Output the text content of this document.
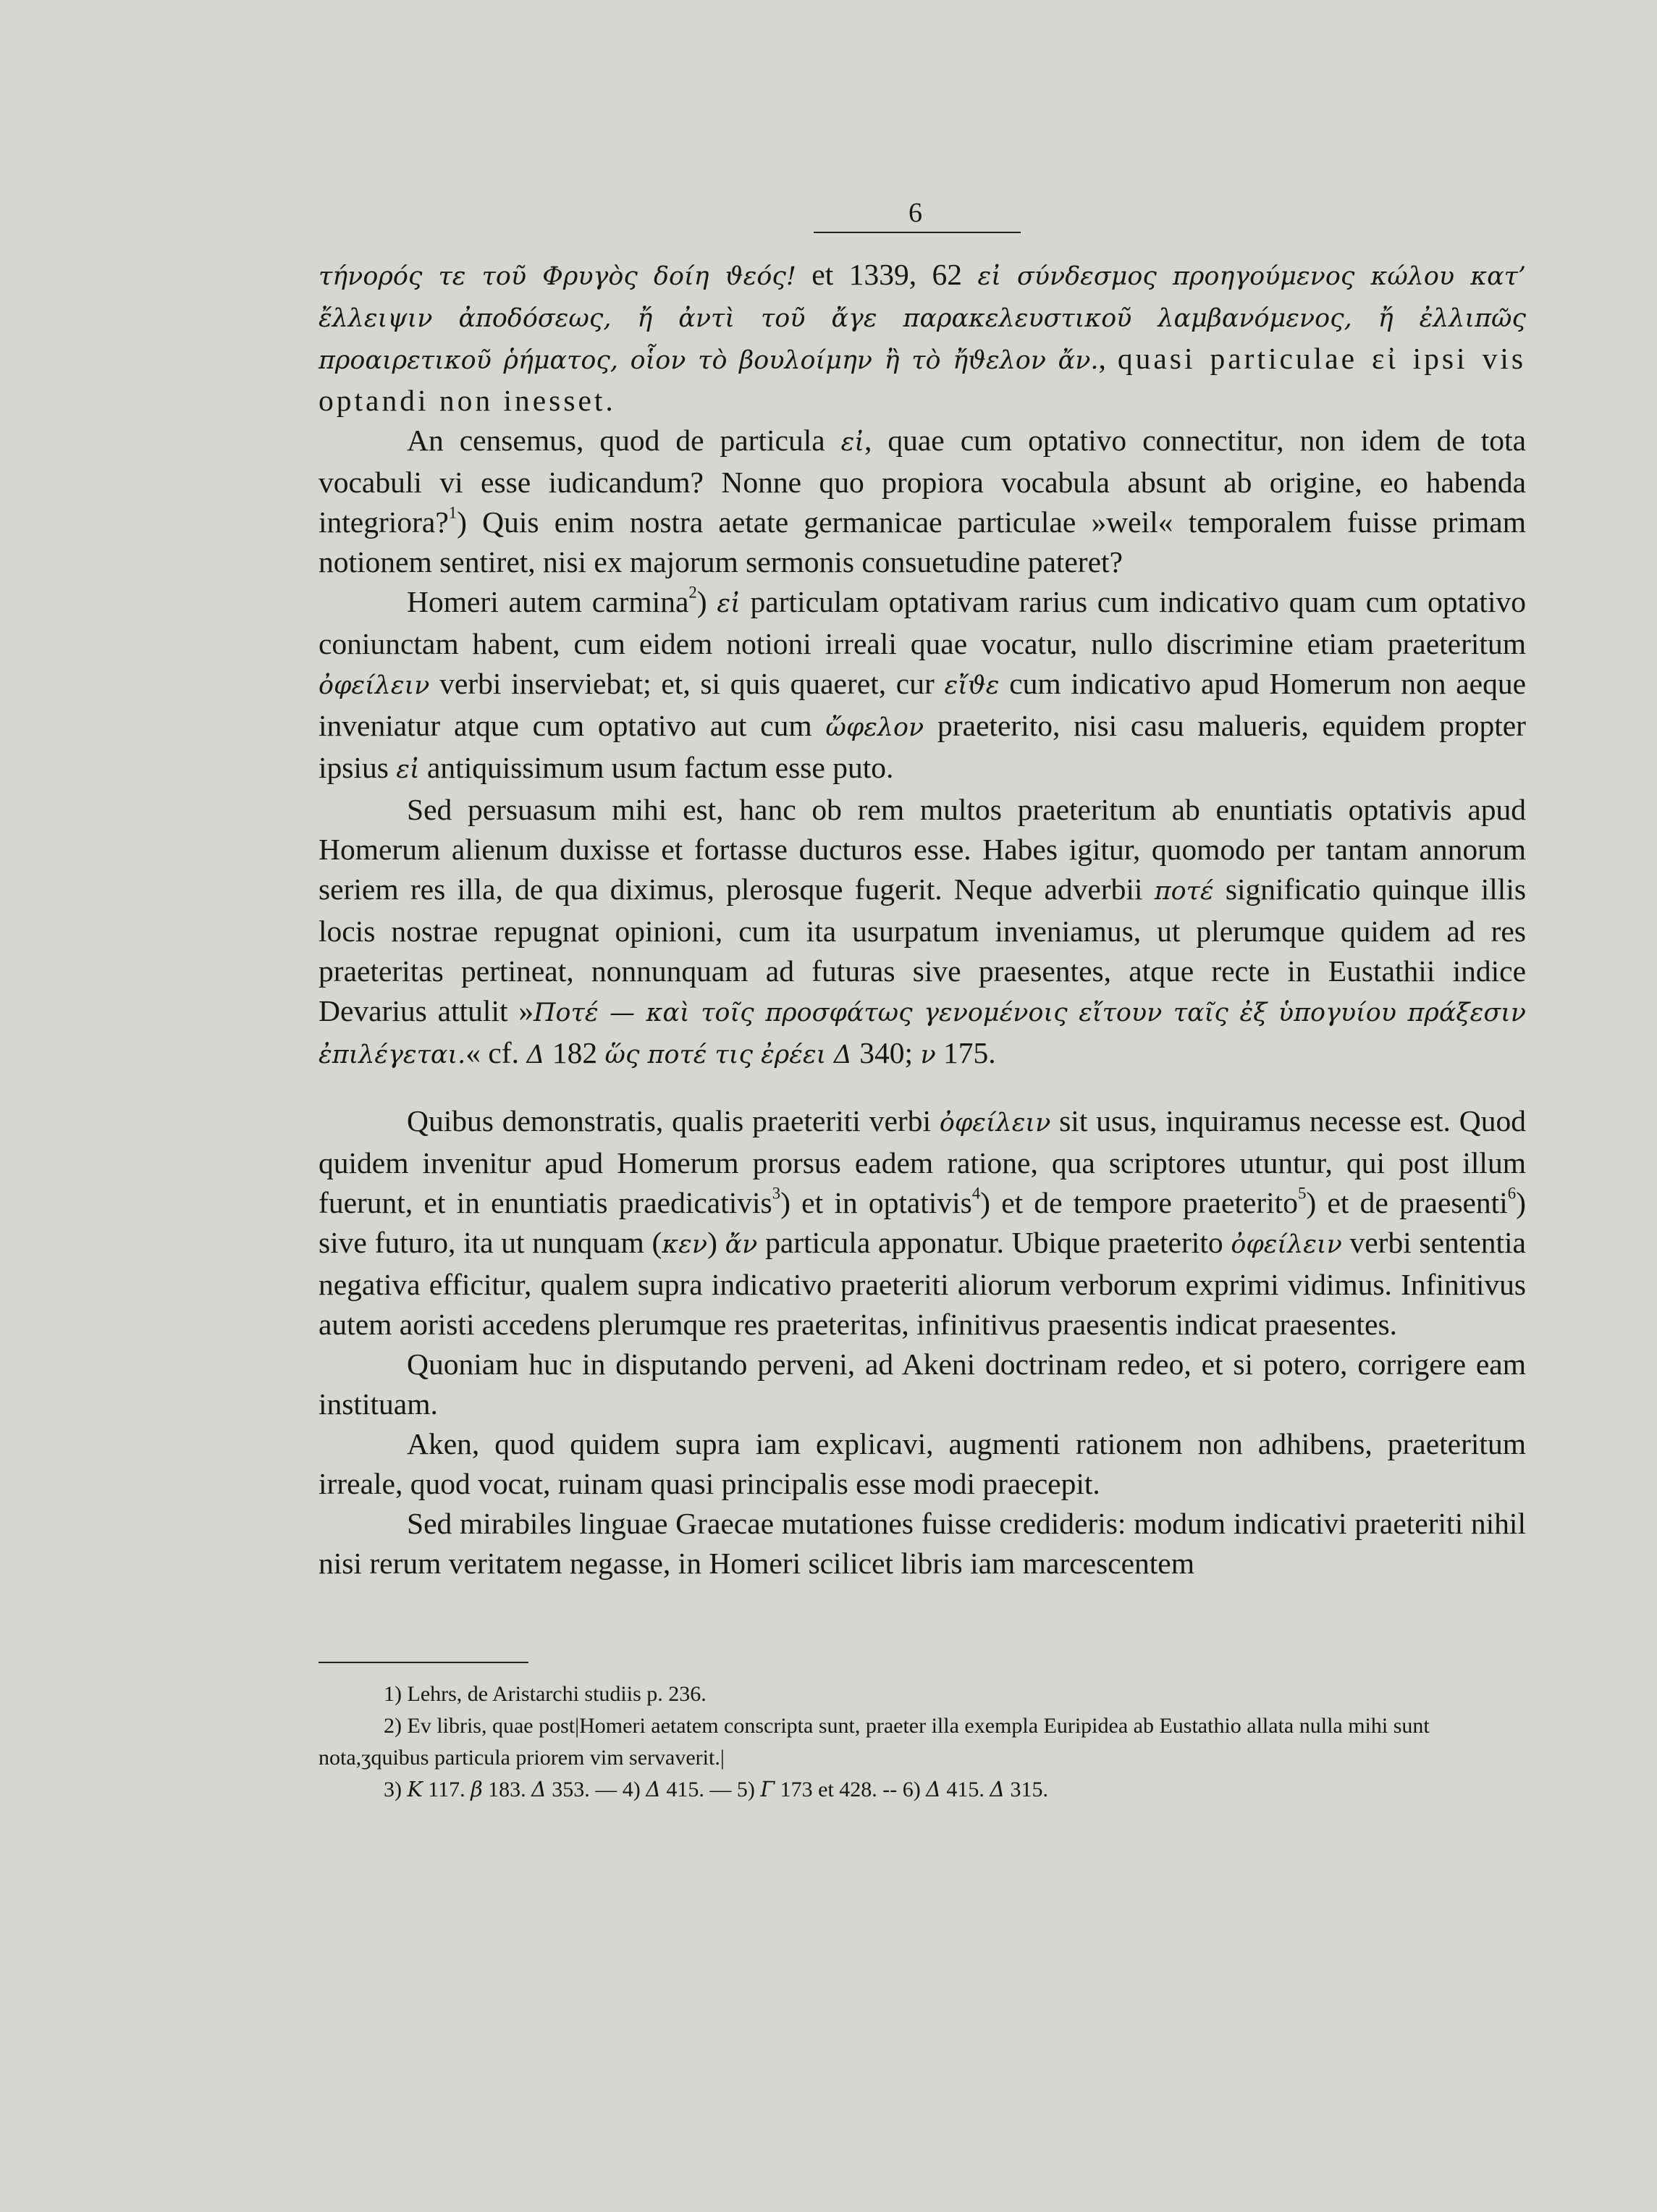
6

τήνορός τε τοῦ Φρυγὸς δοίη ϑεός! et 1339, 62 εἰ σύνδεσμος προηγούμενος κώλου κατ’ ἔλλειψιν ἀποδόσεως, ἤ ἀντὶ τοῦ ἄγε παρακελευστικοῦ λαμβανόμενος, ἤ ἐλλιπῶς προαιρετικοῦ ῥήματος, οἷον τὸ βουλοίμην ἢ τὸ ἤϑελον ἄν., quasi particulae εἰ ipsi vis optandi non inesset.

An censemus, quod de particula εἰ, quae cum optativo connectitur, non idem de tota vocabuli vi esse iudicandum? Nonne quo propiora vocabula absunt ab origine, eo habenda integriora?$^1$) Quis enim nostra aetate germanicae particulae »weil« temporalem fuisse primam notionem sentiret, nisi ex majorum sermonis consuetudine pateret?

Homeri autem carmina$^2$) εἰ particulam optativam rarius cum indicativo quam cum optativo coniunctam habent, cum eidem notioni irreali quae vocatur, nullo discrimine etiam praeteritum ὀφείλειν verbi inserviebat; et, si quis quaeret, cur εἴϑε cum indicativo apud Homerum non aeque inveniatur atque cum optativo aut cum ὤφελον praeterito, nisi casu malueris, equidem propter ipsius εἰ antiquissimum usum factum esse puto.

Sed persuasum mihi est, hanc ob rem multos praeteritum ab enuntiatis optativis apud Homerum alienum duxisse et fortasse ducturos esse. Habes igitur, quomodo per tantam annorum seriem res illa, de qua diximus, plerosque fugerit. Neque adverbii ποτέ significatio quinque illis locis nostrae repugnat opinioni, cum ita usurpatum inveniamus, ut plerumque quidem ad res praeteritas pertineat, nonnunquam ad futuras sive praesentes, atque recte in Eustathii indice Devarius attulit »Ποτέ — καὶ τοῖς προσφάτως γενομένοις εἴτουν ταῖς ἐξ ὑπογυίου πράξεσιν ἐπιλέγεται.« cf. Δ 182 ὥς ποτέ τις ἐρέει Δ 340; ν 175.

Quibus demonstratis, qualis praeteriti verbi ὀφείλειν sit usus, inquiramus necesse est. Quod quidem invenitur apud Homerum prorsus eadem ratione, qua scriptores utuntur, qui post illum fuerunt, et in enuntiatis praedicativis$^3$) et in optativis$^4$) et de tempore praeterito$^5$) et de praesenti$^6$) sive futuro, ita ut nunquam (κεν) ἄν particula apponatur. Ubique praeterito ὀφείλειν verbi sententia negativa efficitur, qualem supra indicativo praeteriti aliorum verborum exprimi vidimus. Infinitivus autem aoristi accedens plerumque res praeteritas, infinitivus praesentis indicat praesentes.

Quoniam huc in disputando perveni, ad Akeni doctrinam redeo, et si potero, corrigere eam instituam.

Aken, quod quidem supra iam explicavi, augmenti rationem non adhibens, praeteritum irreale, quod vocat, ruinam quasi principalis esse modi praecepit.

Sed mirabiles linguae Graecae mutationes fuisse credideris: modum indicativi praeteriti nihil nisi rerum veritatem negasse, in Homeri scilicet libris iam marcescentem

1) Lehrs, de Aristarchi studiis p. 236.

2) Ev libris, quae post|Homeri aetatem conscripta sunt, praeter illa exempla Euripidea ab Eustathio allata nulla mihi sunt nota,ʒquibus particula priorem vim servaverit.|

3) Κ 117. β 183. Δ 353. — 4) Δ 415. — 5) Γ 173 et 428. -- 6) Δ 415. Δ 315.
